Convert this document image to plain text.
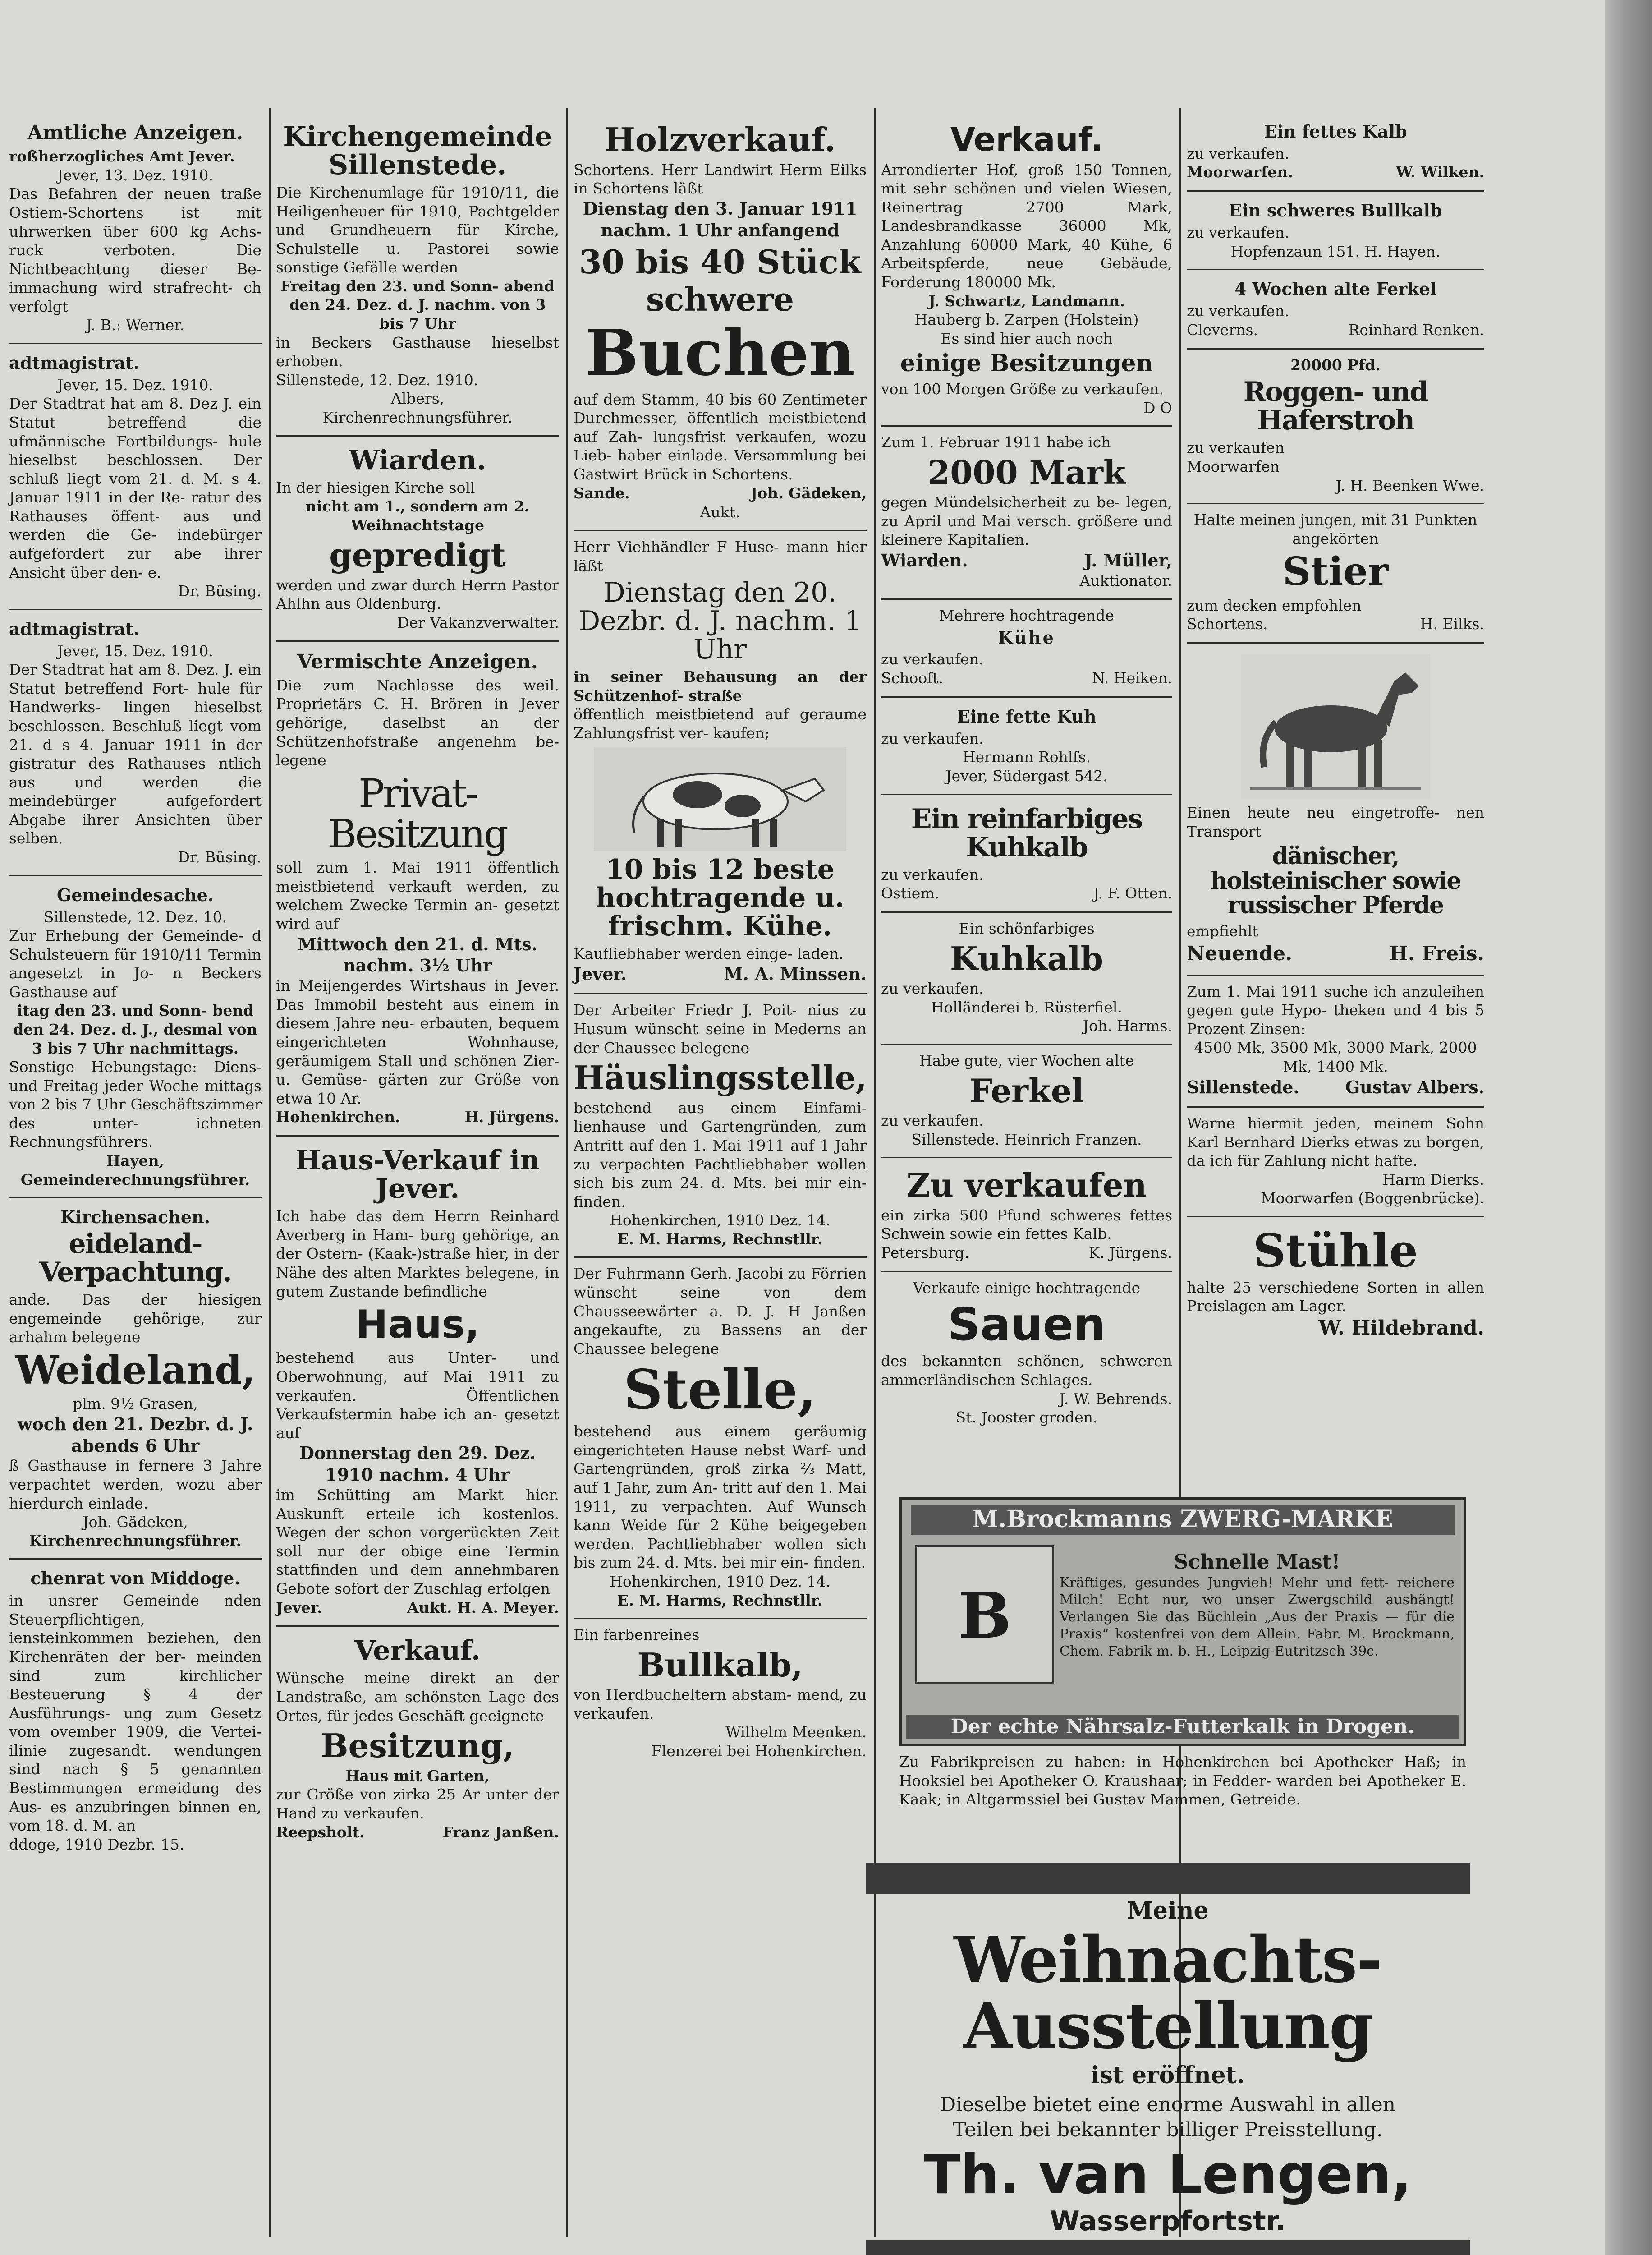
Amtliche Anzeigen.

roßherzogliches Amt Jever.

Jever, 13. Dez. 1910.

Das Befahren der neuen traße Ostiem-Schortens ist mit uhrwerken über 600 kg Achs- ruck verboten. Die Nichtbeachtung dieser Be- immachung wird strafrecht- ch verfolgt

J. B.: Werner.

adtmagistrat.

Jever, 15. Dez. 1910.

Der Stadtrat hat am 8. Dez J. ein Statut betreffend die ufmännische Fortbildungs- hule hieselbst beschlossen. Der schluß liegt vom 21. d. M. s 4. Januar 1911 in der Re- ratur des Rathauses öffent- aus und werden die Ge- indebürger aufgefordert zur abe ihrer Ansicht über den- e.

Dr. Büsing.

adtmagistrat.

Jever, 15. Dez. 1910.

Der Stadtrat hat am 8. Dez. J. ein Statut betreffend Fort- hule für Handwerks- lingen hieselbst beschlossen. Beschluß liegt vom 21. d s 4. Januar 1911 in der gistratur des Rathauses ntlich aus und werden die meindebürger aufgefordert Abgabe ihrer Ansichten über selben.

Dr. Büsing.

Gemeindesache.

Sillenstede, 12. Dez. 10.

Zur Erhebung der Gemeinde- d Schulsteuern für 1910/11 Termin angesetzt in Jo- n Beckers Gasthause auf

itag den 23. und Sonn- bend den 24. Dez. d. J., desmal von 3 bis 7 Uhr nachmittags.

Sonstige Hebungstage: Diens- und Freitag jeder Woche mittags von 2 bis 7 Uhr Geschäftszimmer des unter- ichneten Rechnungsführers.

Hayen,

Gemeinderechnungsführer.

Kirchensachen.
eideland-Verpachtung.

ande. Das der hiesigen engemeinde gehörige, zur arhahm belegene

Weideland,

plm. 9½ Grasen,

woch den 21. Dezbr. d. J. abends 6 Uhr

ß Gasthause in fernere 3 Jahre verpachtet werden, wozu aber hierdurch einlade.

Joh. Gädeken,

Kirchenrechnungsführer.

chenrat von Middoge.

in unsrer Gemeinde nden Steuerpflichtigen, iensteinkommen beziehen, den Kirchenräten der ber- meinden sind zum kirchlicher Besteuerung § 4 der Ausführungs- ung zum Gesetz vom ovember 1909, die Vertei- ilinie zugesandt. wendungen sind nach § 5 genannten Bestimmungen ermeidung des Aus- es anzubringen binnen en, vom 18. d. M. an

ddoge, 1910 Dezbr. 15.

Kirchengemeinde Sillenstede.

Die Kirchenumlage für 1910/11, die Heiligenheuer für 1910, Pachtgelder und Grundheuern für Kirche, Schulstelle u. Pastorei sowie sonstige Gefälle werden

Freitag den 23. und Sonn- abend den 24. Dez. d. J. nachm. von 3 bis 7 Uhr

in Beckers Gasthause hieselbst erhoben.

Sillenstede, 12. Dez. 1910.

Albers,

Kirchenrechnungsführer.

Wiarden.

In der hiesigen Kirche soll

nicht am 1., sondern am 2. Weihnachtstage

gepredigt

werden und zwar durch Herrn Pastor Ahlhn aus Oldenburg.

Der Vakanzverwalter.

Vermischte Anzeigen.

Die zum Nachlasse des weil. Proprietärs C. H. Brören in Jever gehörige, daselbst an der Schützenhofstraße angenehm be- legene

Privat-Besitzung

soll zum 1. Mai 1911 öffentlich meistbietend verkauft werden, zu welchem Zwecke Termin an- gesetzt wird auf

Mittwoch den 21. d. Mts. nachm. 3½ Uhr

in Meijengerdes Wirtshaus in Jever. Das Immobil besteht aus einem in diesem Jahre neu- erbauten, bequem eingerichteten Wohnhause, geräumigem Stall und schönen Zier- u. Gemüse- gärten zur Größe von etwa 10 Ar.

Hohenkirchen.	H. Jürgens.
Haus-Verkauf in Jever.

Ich habe das dem Herrn Reinhard Averberg in Ham- burg gehörige, an der Ostern- (Kaak-)straße hier, in der Nähe des alten Marktes belegene, in gutem Zustande befindliche

Haus,

bestehend aus Unter- und Oberwohnung, auf Mai 1911 zu verkaufen. Öffentlichen Verkaufstermin habe ich an- gesetzt auf

Donnerstag den 29. Dez. 1910 nachm. 4 Uhr

im Schütting am Markt hier. Auskunft erteile ich kostenlos. Wegen der schon vorgerückten Zeit soll nur der obige eine Termin stattfinden und dem annehmbaren Gebote sofort der Zuschlag erfolgen

Jever.	Aukt. H. A. Meyer.
Verkauf.

Wünsche meine direkt an der Landstraße, am schönsten Lage des Ortes, für jedes Geschäft geeignete

Besitzung,

Haus mit Garten,

zur Größe von zirka 25 Ar unter der Hand zu verkaufen.

Reepsholt.	Franz Janßen.
Holzverkauf.

Schortens. Herr Landwirt Herm Eilks in Schortens läßt

Dienstag den 3. Januar 1911 nachm. 1 Uhr anfangend

30 bis 40 Stück
schwere
Buchen

auf dem Stamm, 40 bis 60 Zentimeter Durchmesser, öffentlich meistbietend auf Zah- lungsfrist verkaufen, wozu Lieb- haber einlade. Versammlung bei Gastwirt Brück in Schortens.

Sande.	Joh. Gädeken,

Aukt.

Herr Viehhändler F Huse- mann hier läßt

Dienstag den 20. Dezbr. d. J. nachm. 1 Uhr

in seiner Behausung an der Schützenhof- straße

öffentlich meistbietend auf geraume Zahlungsfrist ver- kaufen;

10 bis 12 beste hochtragende u. frischm. Kühe.

Kaufliebhaber werden einge- laden.

Jever.	M. A. Minssen.

Der Arbeiter Friedr J. Poit- nius zu Husum wünscht seine in Mederns an der Chaussee belegene

Häuslingsstelle,

bestehend aus einem Einfami- lienhause und Gartengründen, zum Antritt auf den 1. Mai 1911 auf 1 Jahr zu verpachten Pachtliebhaber wollen sich bis zum 24. d. Mts. bei mir ein- finden.

Hohenkirchen, 1910 Dez. 14.

E. M. Harms, Rechnstllr.

Der Fuhrmann Gerh. Jacobi zu Förrien wünscht seine von dem Chausseewärter a. D. J. H Janßen angekaufte, zu Bassens an der Chaussee belegene

Stelle,

bestehend aus einem geräumig eingerichteten Hause nebst Warf- und Gartengründen, groß zirka ⅔ Matt, auf 1 Jahr, zum An- tritt auf den 1. Mai 1911, zu verpachten. Auf Wunsch kann Weide für 2 Kühe beigegeben werden. Pachtliebhaber wollen sich bis zum 24. d. Mts. bei mir ein- finden.

Hohenkirchen, 1910 Dez. 14.

E. M. Harms, Rechnstllr.

Ein farbenreines

Bullkalb,

von Herdbucheltern abstam- mend, zu verkaufen.

Wilhelm Meenken.

Flenzerei bei Hohenkirchen.

Verkauf.

Arrondierter Hof, groß 150 Tonnen, mit sehr schönen und vielen Wiesen, Reinertrag 2700 Mark, Landesbrandkasse 36000 Mk, Anzahlung 60000 Mark, 40 Kühe, 6 Arbeitspferde, neue Gebäude, Forderung 180000 Mk.

J. Schwartz, Landmann.

Hauberg b. Zarpen (Holstein)

Es sind hier auch noch

einige Besitzungen

von 100 Morgen Größe zu verkaufen.

D O

Zum 1. Februar 1911 habe ich

2000 Mark

gegen Mündelsicherheit zu be- legen, zu April und Mai versch. größere und kleinere Kapitalien.

Wiarden.	J. Müller,

Auktionator.

Mehrere hochtragende

Kühe

zu verkaufen.

Schooft.	N. Heiken.
Eine fette Kuh

zu verkaufen.

Hermann Rohlfs.

Jever, Südergast 542.

Ein reinfarbiges Kuhkalb

zu verkaufen.

Ostiem.	J. F. Otten.

Ein schönfarbiges

Kuhkalb

zu verkaufen.

Holländerei b. Rüsterfiel.

Joh. Harms.

Habe gute, vier Wochen alte

Ferkel

zu verkaufen.

Sillenstede. Heinrich Franzen.

Zu verkaufen

ein zirka 500 Pfund schweres fettes Schwein sowie ein fettes Kalb.

Petersburg.	K. Jürgens.

Verkaufe einige hochtragende

Sauen

des bekannten schönen, schweren ammerländischen Schlages.

J. W. Behrends.

St. Jooster groden.

Ein fettes Kalb

zu verkaufen.

Moorwarfen.	W. Wilken.
Ein schweres Bullkalb

zu verkaufen.

Hopfenzaun 151. H. Hayen.

4 Wochen alte Ferkel

zu verkaufen.

Cleverns.	Reinhard Renken.

20000 Pfd.

Roggen- und Haferstroh

zu verkaufen

Moorwarfen

J. H. Beenken Wwe.

Halte meinen jungen, mit 31 Punkten angekörten

Stier

zum decken empfohlen

Schortens.	H. Eilks.

Einen heute neu eingetroffe- nen Transport

dänischer, holsteinischer sowie russischer Pferde

empfiehlt

Neuende.	H. Freis.

Zum 1. Mai 1911 suche ich anzuleihen gegen gute Hypo- theken und 4 bis 5 Prozent Zinsen:

4500 Mk, 3500 Mk, 3000 Mark, 2000 Mk, 1400 Mk.

Sillenstede.	Gustav Albers.

Warne hiermit jeden, meinem Sohn Karl Bernhard Dierks etwas zu borgen, da ich für Zahlung nicht hafte.

Harm Dierks.

Moorwarfen (Boggenbrücke).

Stühle

halte 25 verschiedene Sorten in allen Preislagen am Lager.

W. Hildebrand.

M.Brockmanns ZWERG-MARKE
B

Schnelle Mast!

Kräftiges, gesundes Jungvieh! Mehr und fett- reichere Milch! Echt nur, wo unser Zwergschild aushängt! Verlangen Sie das Büchlein „Aus der Praxis — für die Praxis“ kostenfrei von dem Allein. Fabr. M. Brockmann, Chem. Fabrik m. b. H., Leipzig-Eutritzsch 39c.

Der echte Nährsalz-Futterkalk in Drogen.

Zu Fabrikpreisen zu haben: in Hohenkirchen bei Apotheker Haß; in Hooksiel bei Apotheker O. Kraushaar; in Fedder- warden bei Apotheker E. Kaak; in Altgarmssiel bei Gustav Mammen, Getreide.

Meine
Weihnachts-Ausstellung
ist eröffnet.

Dieselbe bietet eine enorme Auswahl in allen Teilen bei bekannter billiger Preisstellung.

Th. van Lengen,
Wasserpfortstr.
